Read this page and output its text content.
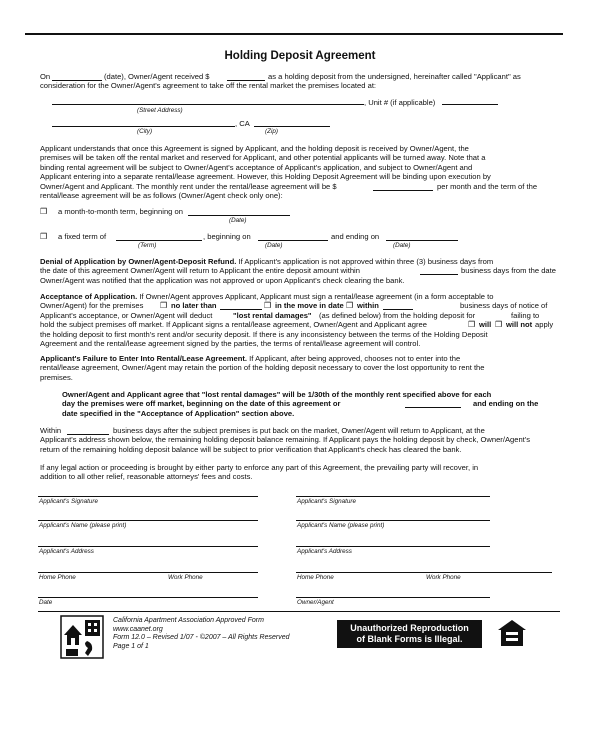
Holding Deposit Agreement
On	(date), Owner/Agent received $	as a holding deposit from the undersigned, hereinafter called "Applicant" as
consideration for the Owner/Agent's agreement to take off the rental market the premises located at:
, Unit # (if applicable)
(Street Address)
, CA
(City)	(Zip)
Applicant understands that once this Agreement is signed by Applicant, and the holding deposit is received by Owner/Agent, the
premises will be taken off the rental market and reserved for Applicant, and other potential applicants will be turned away. Note that a
binding rental agreement will be subject to Owner/Agent's acceptance of Applicant's application, and subject to Owner/Agent and
Applicant entering into a separate rental/lease agreement. However, this Holding Deposit Agreement will be binding upon execution by
Owner/Agent and Applicant. The monthly rent under the rental/lease agreement will be $	per month and the term of the
rental/lease agreement will be as follows (Owner/Agent check only one):
❒ a month-to-month term, beginning on
(Date)
❒ a fixed term of
(Term)
, beginning on
(Date)
and ending on
(Date)
Denial of Application by Owner/Agent-Deposit Refund. If Applicant's application is not approved within three (3) business days from
the date of this agreement Owner/Agent will return to Applicant the entire deposit amount within	business days from the date
Owner/Agent was notified that the application was not approved or upon Applicant's check clearing the bank.
Acceptance of Application. If Owner/Agent approves Applicant, Applicant must sign a rental/lease agreement (in a form acceptable to
Owner/Agent) for the premises ❒ no later than	❒ in the move in date ❒ within	business days of notice of
Applicant's acceptance, or Owner/Agent will deduct	"lost rental damages" (as defined below) from the holding deposit for	failing to
hold the subject premises off market. If Applicant signs a rental/lease agreement, Owner/Agent and Applicant agree	❒ will ❒ will not apply
the holding deposit to first month's rent and/or security deposit. If there is any inconsistency between the terms of the Holding Deposit
Agreement and the rental/lease agreement signed by the parties, the terms of rental/lease agreement will control.
Applicant's Failure to Enter Into Rental/Lease Agreement. If Applicant, after being approved, chooses not to enter into the
rental/lease agreement, Owner/Agent may retain the portion of the holding deposit necessary to cover the lost opportunity to rent the
premises.
Owner/Agent and Applicant agree that "lost rental damages" will be 1/30th of the monthly rent specified above for each
day the premises were off market, beginning on the date of this agreement or	and ending on the
date specified in the "Acceptance of Application" section above.
Within	business days after the subject premises is put back on the market, Owner/Agent will return to Applicant, at the
Applicant's address shown below, the remaining holding deposit balance remaining. If Applicant pays the holding deposit by check, Owner/Agent's
return of the remaining holding deposit balance will be subject to prior verification that Applicant's check has cleared the bank.
If any legal action or proceeding is brought by either party to enforce any part of this Agreement, the prevailing party will recover, in
addition to all other relief, reasonable attorneys' fees and costs.
Applicant's Signature	Applicant's Signature
Applicant's Name (please print)	Applicant's Name (please print)
Applicant's Address	Applicant's Address
Home Phone	Work Phone	Home Phone	Work Phone
Date	Owner/Agent
California Apartment Association Approved Form
www.caanet.org
Form 12.0 – Revised 1/07 - ©2007 – All Rights Reserved
Page 1 of 1
Unauthorized Reproduction
of Blank Forms is Illegal.
